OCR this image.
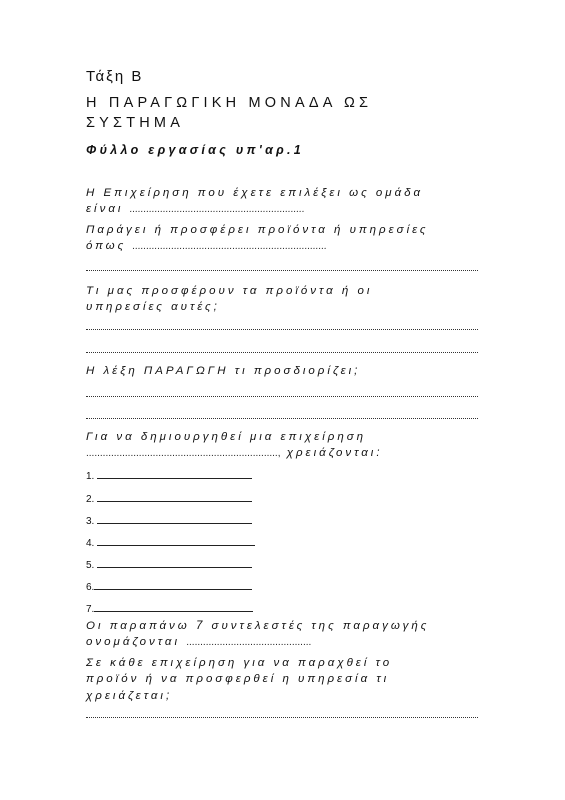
Τάξη Β
Η ΠΑΡΑΓΩΓΙΚΗ ΜΟΝΑΔΑ ΩΣ
ΣΥΣΤΗΜΑ
Φύλλο εργασίας υπ'αρ.1
Η Επιχείρηση που έχετε επιλέξει ως ομάδα
είναι ...............................................................
Παράγει ή προσφέρει προϊόντα ή υπηρεσίες
όπως ......................................................................
Τι μας προσφέρουν τα προϊόντα ή οι
υπηρεσίες αυτές;
Η λέξη ΠΑΡΑΓΩΓΗ τι προσδιορίζει;
Για να δημιουργηθεί μια επιχείρηση
....................................................................., χρειάζονται:
1.
2.
3.
4.
5.
6.
7.
Οι παραπάνω 7 συντελεστές της παραγωγής
ονομάζονται .............................................
Σε κάθε επιχείρηση για να παραχθεί το
προϊόν ή να προσφερθεί η υπηρεσία τι
χρειάζεται;
